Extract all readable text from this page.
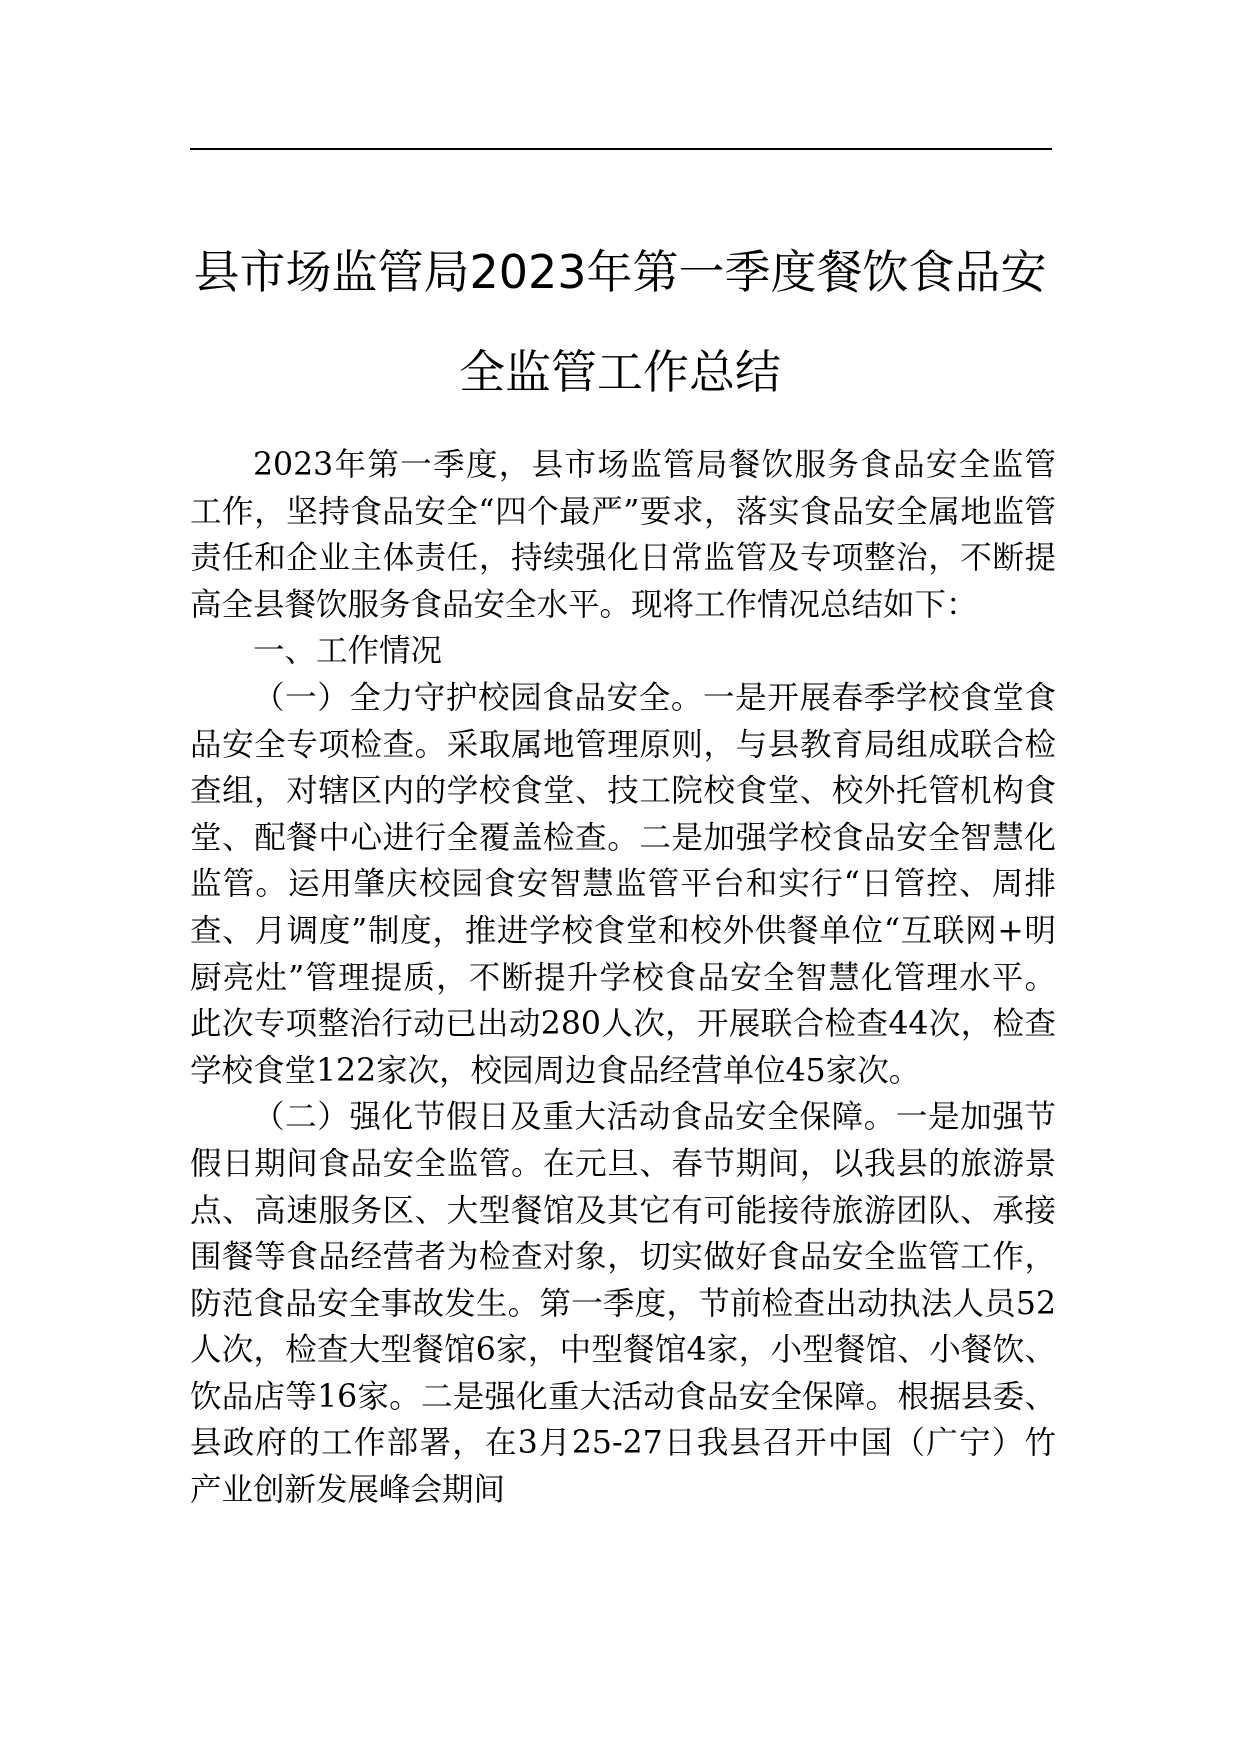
县市场监管局2023年第一季度餐饮食品安
全监管工作总结

2023年第一季度，县市场监管局餐饮服务食品安全监管工作，坚持食品安全“四个最严”要求，落实食品安全属地监管责任和企业主体责任，持续强化日常监管及专项整治，不断提高全县餐饮服务食品安全水平。现将工作情况总结如下：

一、工作情况

（一）全力守护校园食品安全。一是开展春季学校食堂食品安全专项检查。采取属地管理原则，与县教育局组成联合检查组，对辖区内的学校食堂、技工院校食堂、校外托管机构食堂、配餐中心进行全覆盖检查。二是加强学校食品安全智慧化监管。运用肇庆校园食安智慧监管平台和实行“日管控、周排查、月调度”制度，推进学校食堂和校外供餐单位“互联网+明厨亮灶”管理提质，不断提升学校食品安全智慧化管理水平。此次专项整治行动已出动280人次，开展联合检查44次，检查学校食堂122家次，校园周边食品经营单位45家次。

（二）强化节假日及重大活动食品安全保障。一是加强节假日期间食品安全监管。在元旦、春节期间，以我县的旅游景点、高速服务区、大型餐馆及其它有可能接待旅游团队、承接围餐等食品经营者为检查对象，切实做好食品安全监管工作，防范食品安全事故发生。第一季度，节前检查出动执法人员52人次，检查大型餐馆6家，中型餐馆4家，小型餐馆、小餐饮、饮品店等16家。二是强化重大活动食品安全保障。根据县委、县政府的工作部署，在3月25-27日我县召开中国（广宁）竹产业创新发展峰会期间
